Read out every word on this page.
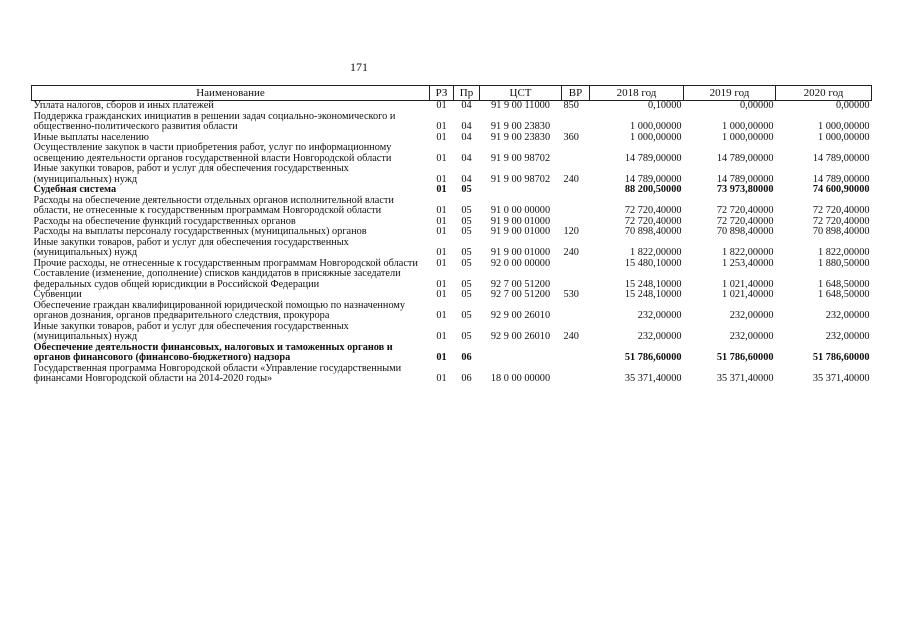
171
Наименование	РЗ	Пр	ЦСТ	ВР	2018 год	2019 год	2020 год
Уплата налогов, сборов и иных платежей	01	04	91 9 00 11000	850	0,10000	0,00000	0,00000
Поддержка гражданских инициатив в решении задач социально-экономического и общественно-политического развития области	01	04	91 9 00 23830		1 000,00000	1 000,00000	1 000,00000
Иные выплаты населению	01	04	91 9 00 23830	360	1 000,00000	1 000,00000	1 000,00000
Осуществление закупок в части приобретения работ, услуг по информационному освещению деятельности органов государственной власти Новгородской области	01	04	91 9 00 98702		14 789,00000	14 789,00000	14 789,00000
Иные закупки товаров, работ и услуг для обеспечения государственных (муниципальных) нужд	01	04	91 9 00 98702	240	14 789,00000	14 789,00000	14 789,00000
Судебная система	01	05			88 200,50000	73 973,80000	74 600,90000
Расходы на обеспечение деятельности отдельных органов исполнительной власти области, не отнесенные к государственным программам Новгородской области	01	05	91 0 00 00000		72 720,40000	72 720,40000	72 720,40000
Расходы на обеспечение функций государственных органов	01	05	91 9 00 01000		72 720,40000	72 720,40000	72 720,40000
Расходы на выплаты персоналу государственных (муниципальных) органов	01	05	91 9 00 01000	120	70 898,40000	70 898,40000	70 898,40000
Иные закупки товаров, работ и услуг для обеспечения государственных (муниципальных) нужд	01	05	91 9 00 01000	240	1 822,00000	1 822,00000	1 822,00000
Прочие расходы, не отнесенные к государственным программам Новгородской области	01	05	92 0 00 00000		15 480,10000	1 253,40000	1 880,50000
Составление (изменение, дополнение) списков кандидатов в присяжные заседатели федеральных судов общей юрисдикции в Российской Федерации	01	05	92 7 00 51200		15 248,10000	1 021,40000	1 648,50000
Субвенции	01	05	92 7 00 51200	530	15 248,10000	1 021,40000	1 648,50000
Обеспечение граждан квалифицированной юридической помощью по назначенному органов дознания, органов предварительного следствия, прокурора	01	05	92 9 00 26010		232,00000	232,00000	232,00000
Иные закупки товаров, работ и услуг для обеспечения государственных (муниципальных) нужд	01	05	92 9 00 26010	240	232,00000	232,00000	232,00000
Обеспечение деятельности финансовых, налоговых и таможенных органов и органов финансового (финансово-бюджетного) надзора	01	06			51 786,60000	51 786,60000	51 786,60000
Государственная программа Новгородской области «Управление государственными финансами Новгородской области на 2014-2020 годы»	01	06	18 0 00 00000		35 371,40000	35 371,40000	35 371,40000
